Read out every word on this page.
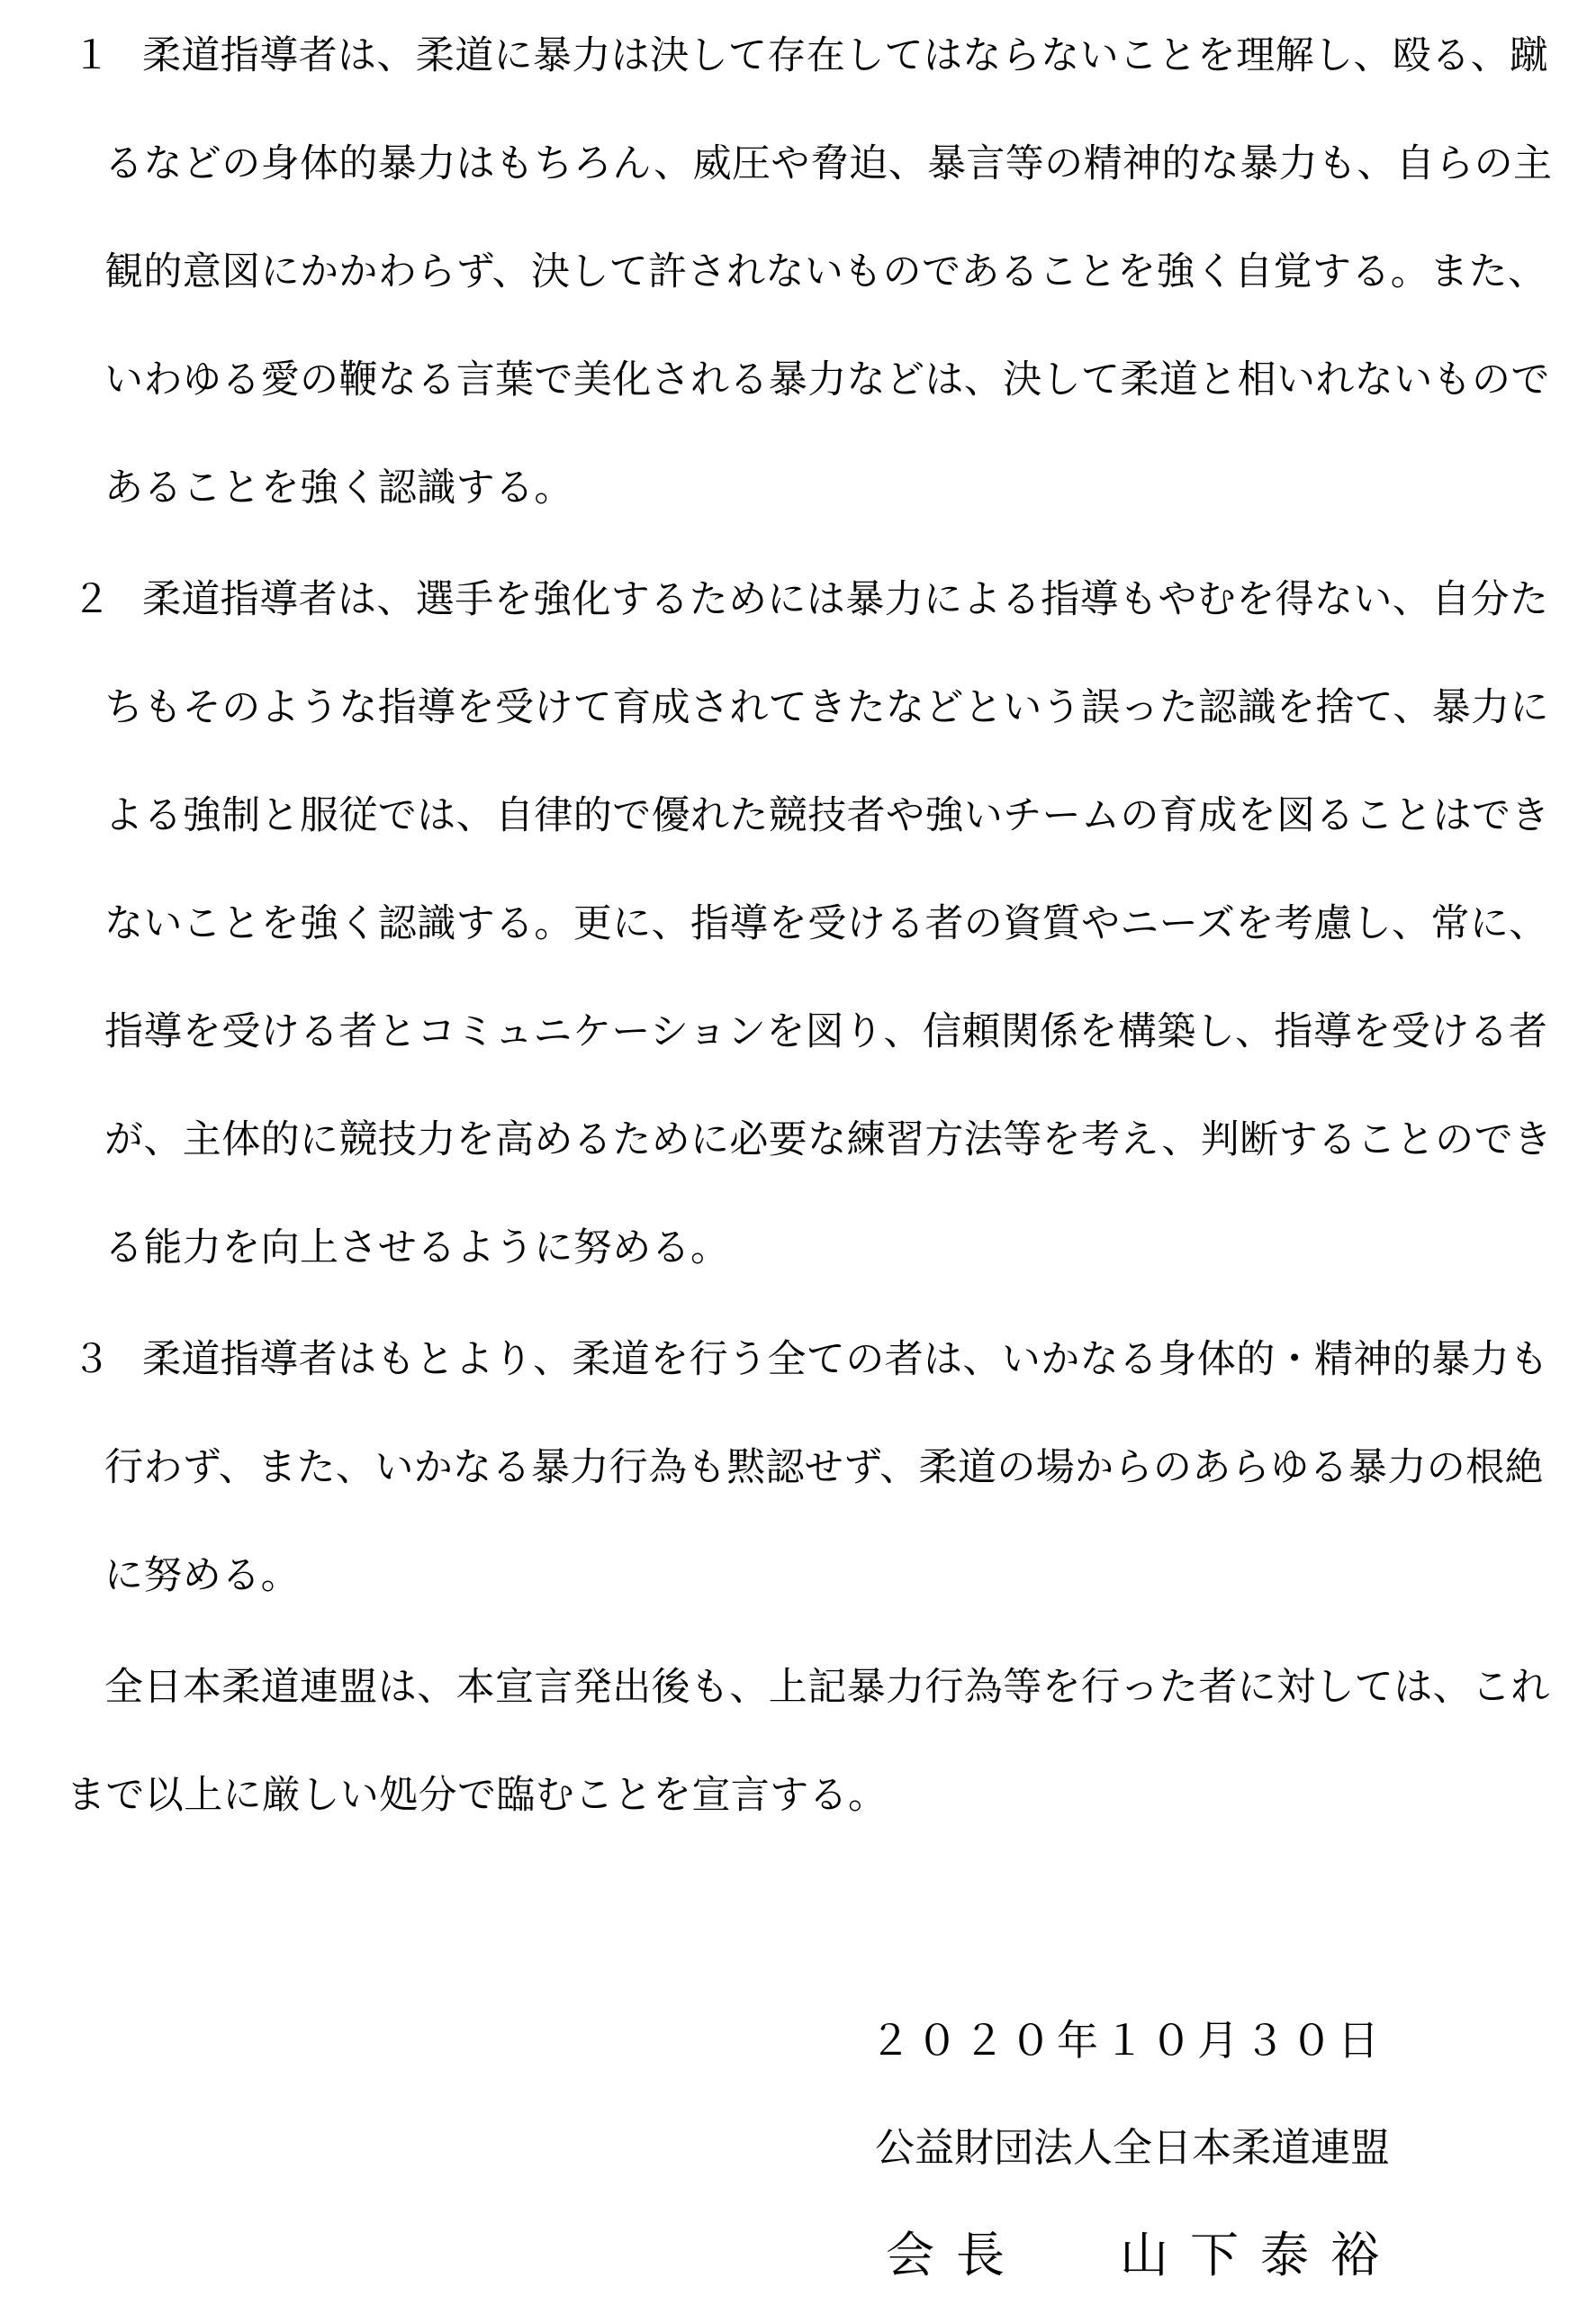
１ 柔道指導者は、柔道に暴力は決して存在してはならないことを理解し、殴る、蹴
るなどの身体的暴力はもちろん、威圧や脅迫、暴言等の精神的な暴力も、自らの主
観的意図にかかわらず、決して許されないものであることを強く自覚する。また、
いわゆる愛の鞭なる言葉で美化される暴力などは、決して柔道と相いれないもので
あることを強く認識する。
２ 柔道指導者は、選手を強化するためには暴力による指導もやむを得ない、自分た
ちもそのような指導を受けて育成されてきたなどという誤った認識を捨て、暴力に
よる強制と服従では、自律的で優れた競技者や強いチームの育成を図ることはでき
ないことを強く認識する。更に、指導を受ける者の資質やニーズを考慮し、常に、
指導を受ける者とコミュニケーションを図り、信頼関係を構築し、指導を受ける者
が、主体的に競技力を高めるために必要な練習方法等を考え、判断することのでき
る能力を向上させるように努める。
３ 柔道指導者はもとより、柔道を行う全ての者は、いかなる身体的・精神的暴力も
行わず、また、いかなる暴力行為も黙認せず、柔道の場からのあらゆる暴力の根絶
に努める。
全日本柔道連盟は、本宣言発出後も、上記暴力行為等を行った者に対しては、これ
まで以上に厳しい処分で臨むことを宣言する。
２０２０年１０月３０日
公益財団法人全日本柔道連盟
会長 山下泰裕
